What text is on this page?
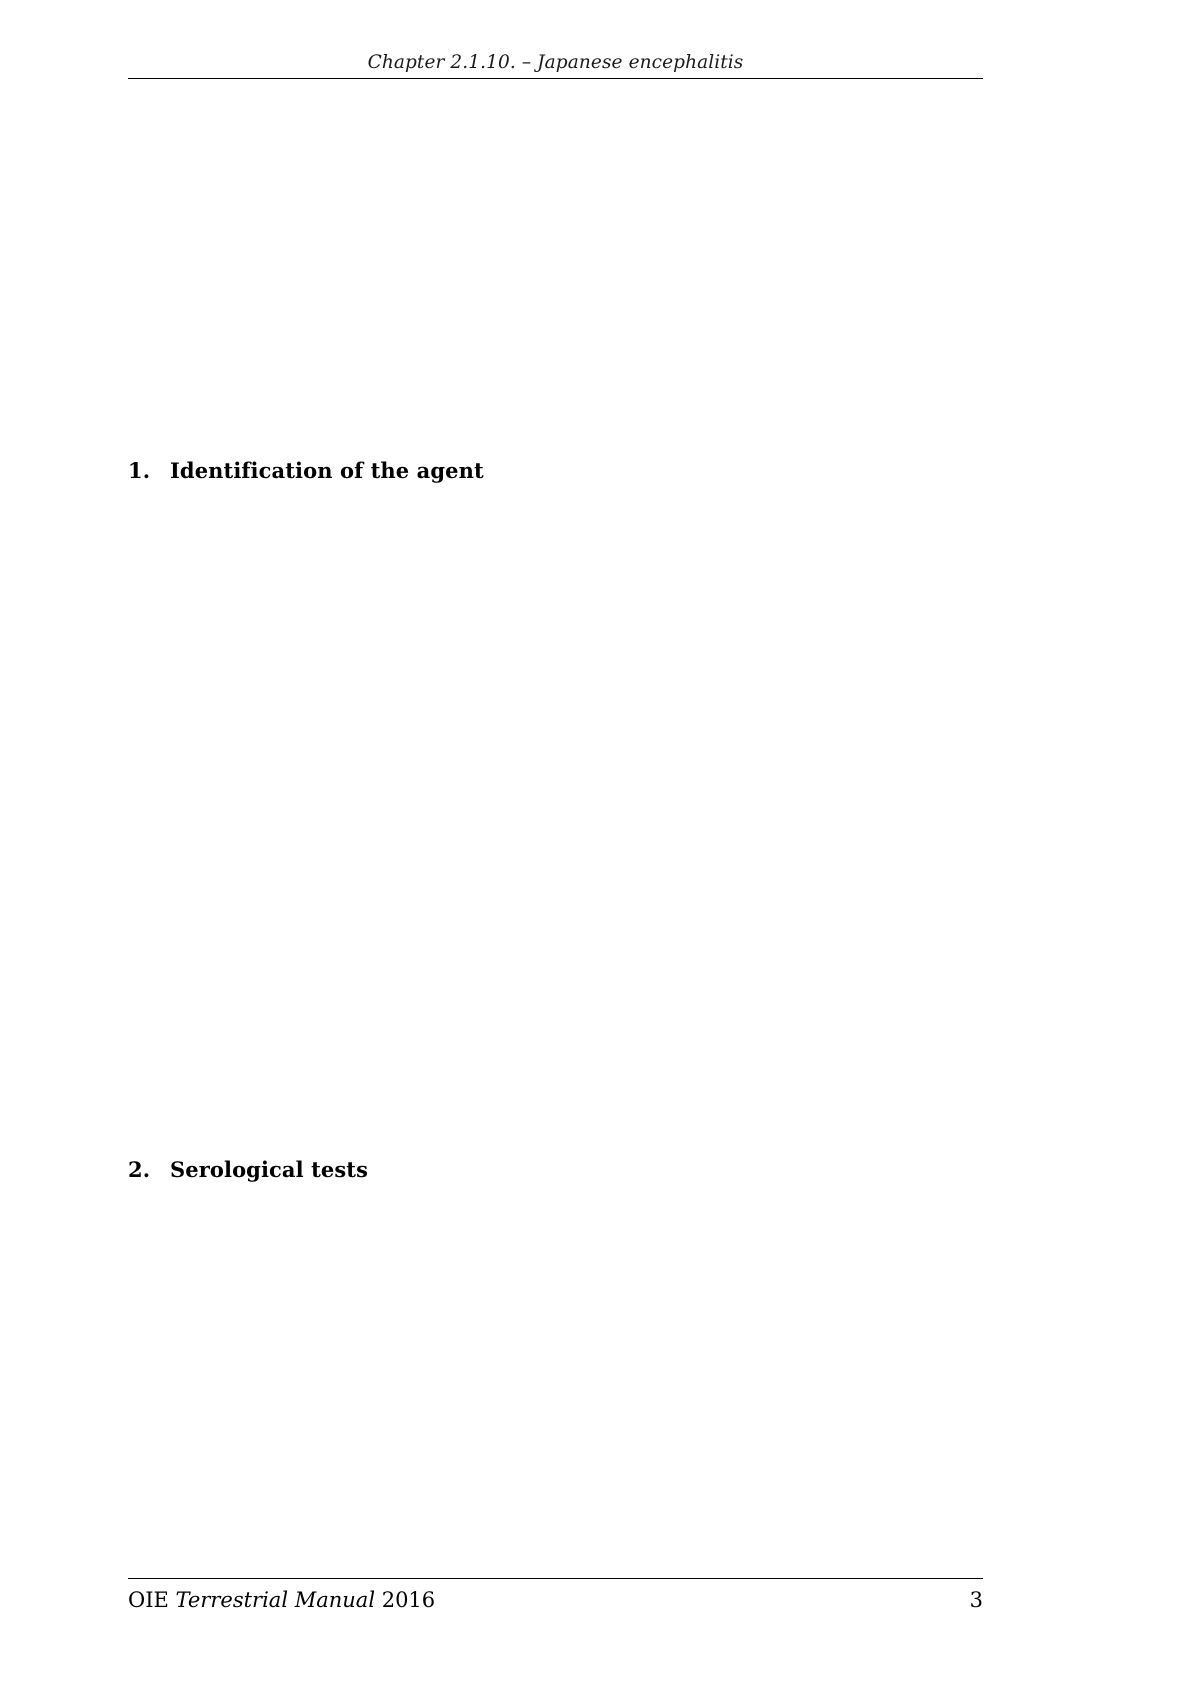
Chapter 2.1.10. – Japanese encephalitis
1. Identification of the agent
2. Serological tests
OIE Terrestrial Manual 2016	3
